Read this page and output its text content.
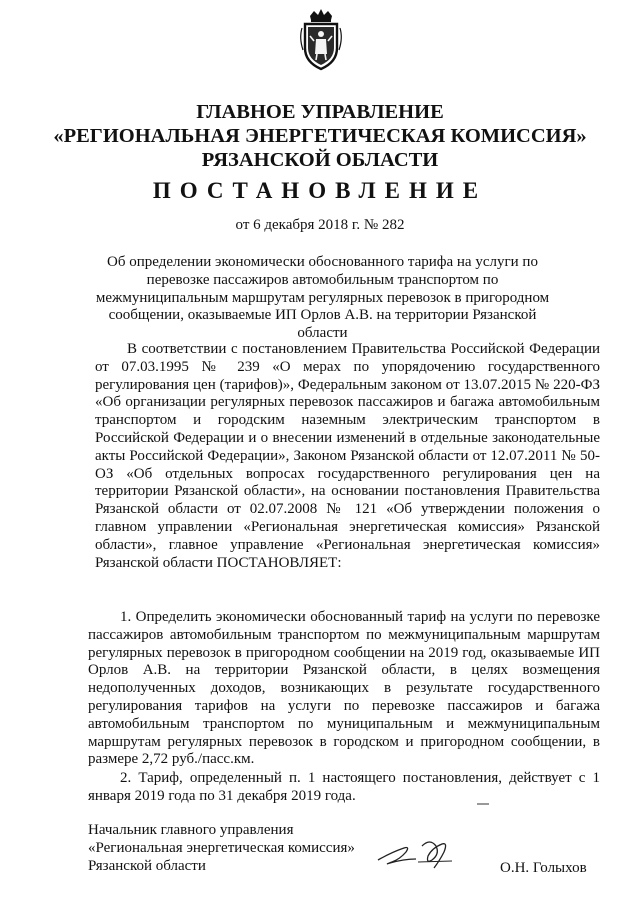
ГЛАВНОЕ УПРАВЛЕНИЕ
«РЕГИОНАЛЬНАЯ ЭНЕРГЕТИЧЕСКАЯ КОМИССИЯ»
РЯЗАНСКОЙ ОБЛАСТИ
ПОСТАНОВЛЕНИЕ
от 6 декабря 2018 г. № 282
Об определении экономически обоснованного тарифа на услуги по перевозке пассажиров автомобильным транспортом по межмуниципальным маршрутам регулярных перевозок в пригородном сообщении, оказываемые ИП Орлов А.В. на территории Рязанской области
В соответствии с постановлением Правительства Российской Федерации от 07.03.1995 № 239 «О мерах по упорядочению государственного регулирования цен (тарифов)», Федеральным законом от 13.07.2015 № 220-ФЗ «Об организации регулярных перевозок пассажиров и багажа автомобильным транспортом и городским наземным электрическим транспортом в Российской Федерации и о внесении изменений в отдельные законодательные акты Российской Федерации», Законом Рязанской области от 12.07.2011 № 50-ОЗ «Об отдельных вопросах государственного регулирования цен на территории Рязанской области», на основании постановления Правительства Рязанской области от 02.07.2008 № 121 «Об утверждении положения о главном управлении «Региональная энергетическая комиссия» Рязанской области», главное управление «Региональная энергетическая комиссия» Рязанской области ПОСТАНОВЛЯЕТ:
1. Определить экономически обоснованный тариф на услуги по перевозке пассажиров автомобильным транспортом по межмуниципальным маршрутам регулярных перевозок в пригородном сообщении на 2019 год, оказываемые ИП Орлов А.В. на территории Рязанской области, в целях возмещения недополученных доходов, возникающих в результате государственного регулирования тарифов на услуги по перевозке пассажиров и багажа автомобильным транспортом по муниципальным и межмуниципальным маршрутам регулярных перевозок в городском и пригородном сообщении, в размере 2,72 руб./пасс.км.
2. Тариф, определенный п. 1 настоящего постановления, действует с 1 января 2019 года по 31 декабря 2019 года.
Начальник главного управления
«Региональная энергетическая комиссия»
Рязанской области	О.Н. Голыхов
